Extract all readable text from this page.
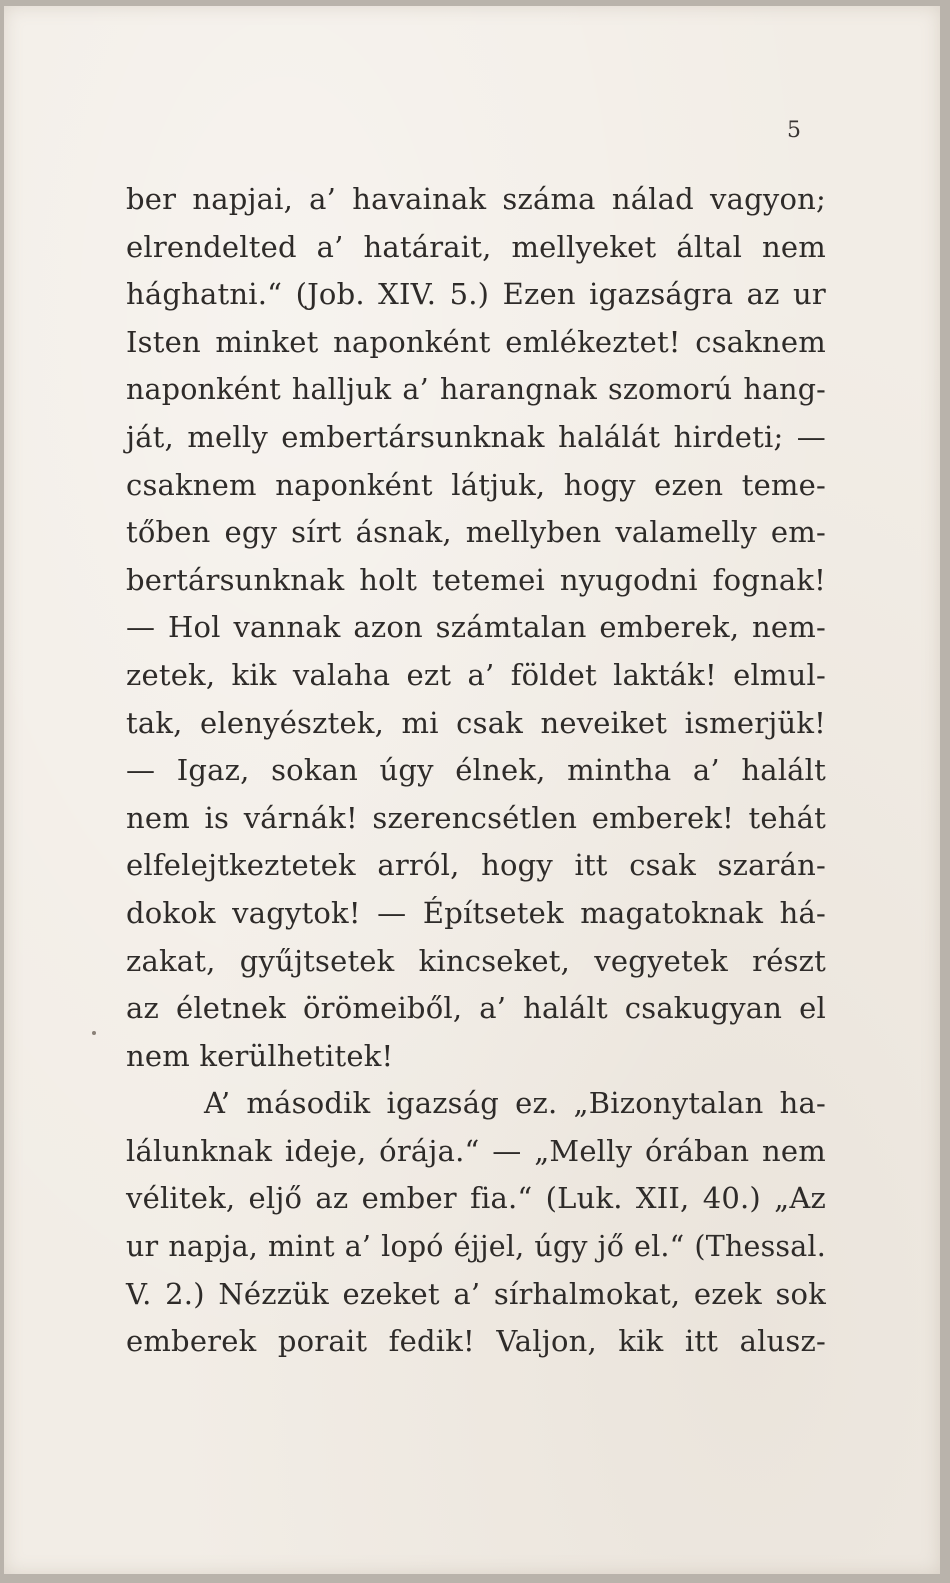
5

ber napjai, a’ havainak száma nálad vagyon;
elrendelted a’ határait, mellyeket által nem
hághatni.“ (Job. XIV. 5.) Ezen igazságra az ur
Isten minket naponként emlékeztet! csaknem
naponként halljuk a’ harangnak szomorú hang-
ját, melly embertársunknak halálát hirdeti; —
csaknem naponként látjuk, hogy ezen teme-
tőben egy sírt ásnak, mellyben valamelly em-
bertársunknak holt tetemei nyugodni fognak!
— Hol vannak azon számtalan emberek, nem-
zetek, kik valaha ezt a’ földet lakták! elmul-
tak, elenyésztek, mi csak neveiket ismerjük!
— Igaz, sokan úgy élnek, mintha a’ halált
nem is várnák! szerencsétlen emberek! tehát
elfelejtkeztetek arról, hogy itt csak szarán-
dokok vagytok! — Építsetek magatoknak há-
zakat, gyűjtsetek kincseket, vegyetek részt
az életnek örömeiből, a’ halált csakugyan el
nem kerülhetitek!
A’ második igazság ez. „Bizonytalan ha-
lálunknak ideje, órája.“ — „Melly órában nem
vélitek, eljő az ember fia.“ (Luk. XII, 40.) „Az
ur napja, mint a’ lopó éjjel, úgy jő el.“ (Thessal.
V. 2.) Nézzük ezeket a’ sírhalmokat, ezek sok
emberek porait fedik! Valjon, kik itt alusz-
